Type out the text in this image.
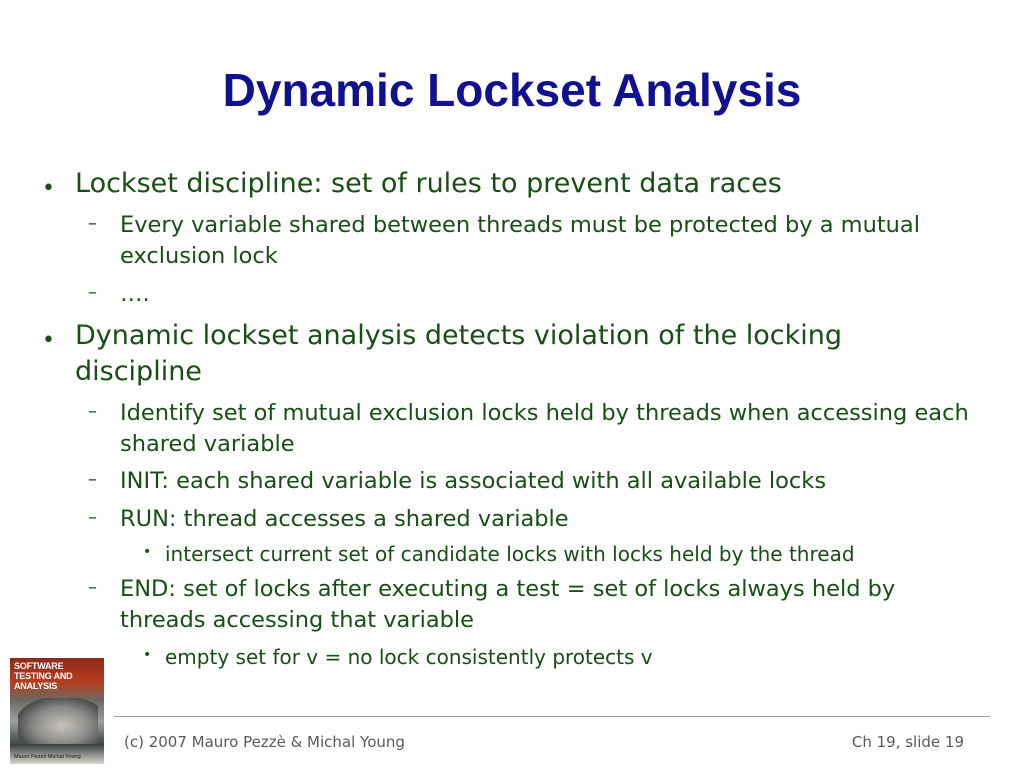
Dynamic Lockset Analysis
• Lockset discipline: set of rules to prevent data races
– Every variable shared between threads must be protected by a mutual exclusion lock
– ….
• Dynamic lockset analysis detects violation of the locking discipline
– Identify set of mutual exclusion locks held by threads when accessing each shared variable
– INIT: each shared variable is associated with all available locks
– RUN: thread accesses a shared variable
• intersect current set of candidate locks with locks held by the thread
– END: set of locks after executing a test = set of locks always held by threads accessing that variable
• empty set for v = no lock consistently protects v
SOFTWARE TESTING AND ANALYSIS
Mauro Pezzè Michal Young
(c) 2007 Mauro Pezzè & Michal Young	Ch 19, slide 19
